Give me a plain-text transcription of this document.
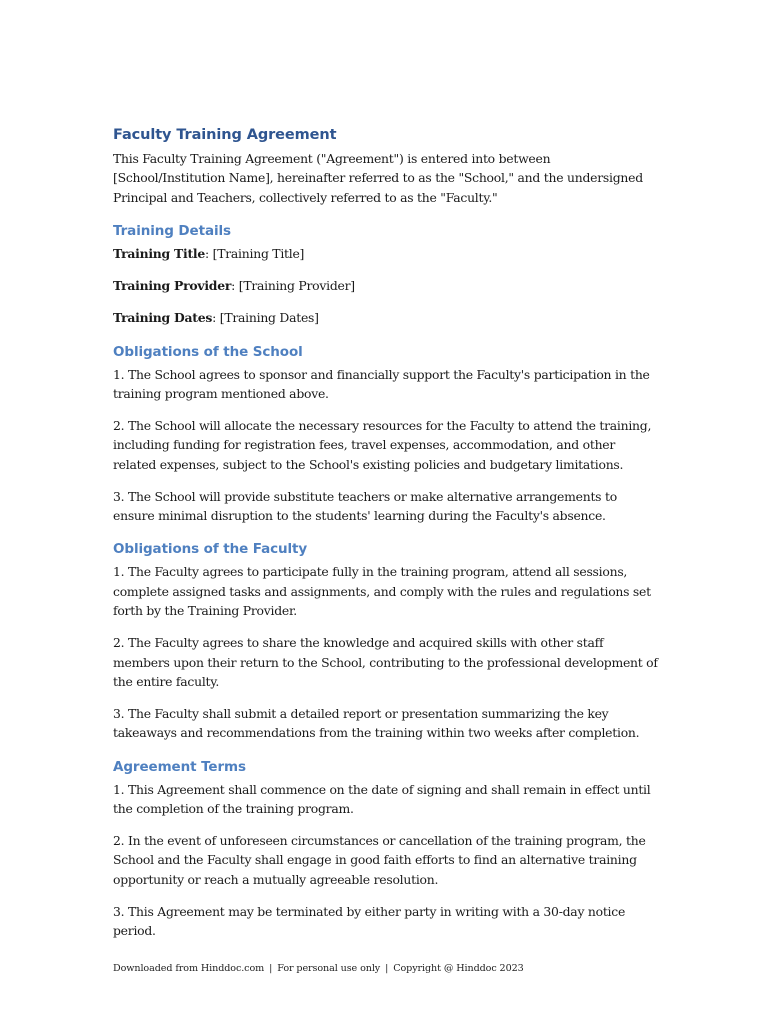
Faculty Training Agreement

This Faculty Training Agreement ("Agreement") is entered into between [School/Institution Name], hereinafter referred to as the "School," and the undersigned Principal and Teachers, collectively referred to as the "Faculty."

Training Details

Training Title: [Training Title]

Training Provider: [Training Provider]

Training Dates: [Training Dates]

Obligations of the School

1. The School agrees to sponsor and financially support the Faculty's participation in the training program mentioned above.

2. The School will allocate the necessary resources for the Faculty to attend the training, including funding for registration fees, travel expenses, accommodation, and other related expenses, subject to the School's existing policies and budgetary limitations.

3. The School will provide substitute teachers or make alternative arrangements to ensure minimal disruption to the students' learning during the Faculty's absence.

Obligations of the Faculty

1. The Faculty agrees to participate fully in the training program, attend all sessions, complete assigned tasks and assignments, and comply with the rules and regulations set forth by the Training Provider.

2. The Faculty agrees to share the knowledge and acquired skills with other staff members upon their return to the School, contributing to the professional development of the entire faculty.

3. The Faculty shall submit a detailed report or presentation summarizing the key takeaways and recommendations from the training within two weeks after completion.

Agreement Terms

1. This Agreement shall commence on the date of signing and shall remain in effect until the completion of the training program.

2. In the event of unforeseen circumstances or cancellation of the training program, the School and the Faculty shall engage in good faith efforts to find an alternative training opportunity or reach a mutually agreeable resolution.

3. This Agreement may be terminated by either party in writing with a 30-day notice period.

Downloaded from Hinddoc.com | For personal use only | Copyright @ Hinddoc 2023
